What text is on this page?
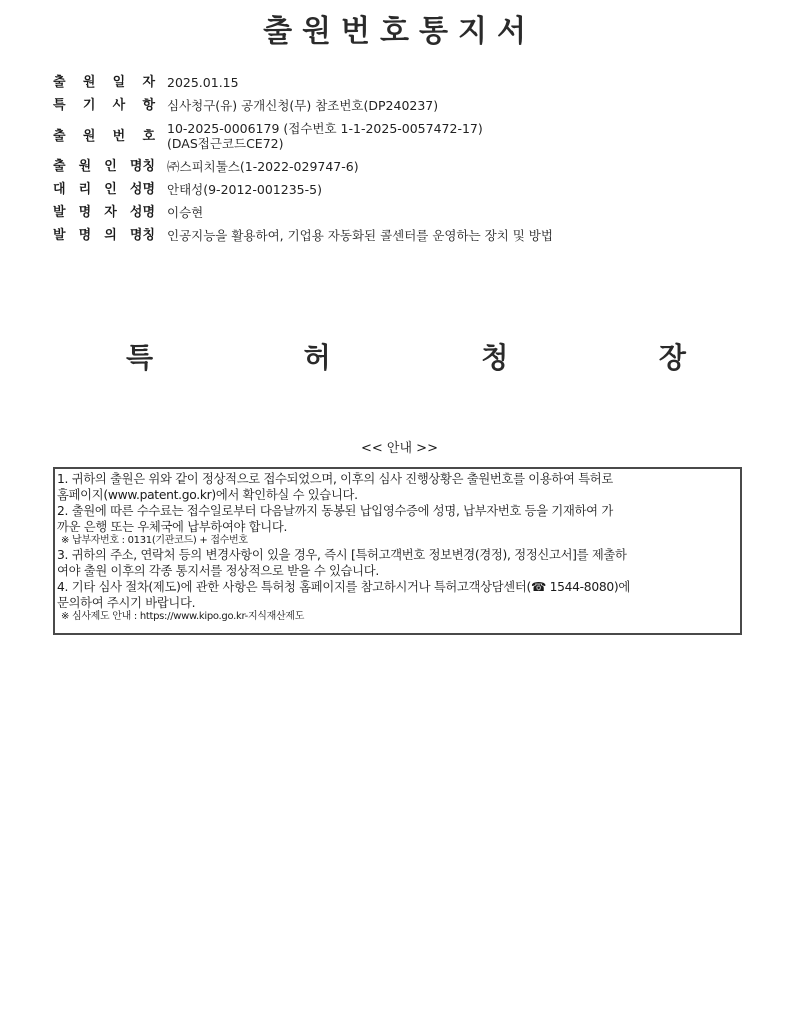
출원번호통지서
출 원 일 자 2025.01.15
특 기 사 항 심사청구(유) 공개신청(무) 참조번호(DP240237)
출 원 번 호
10-2025-0006179 (접수번호 1-1-2025-0057472-17)
(DAS접근코드CE72)
출 원 인 명칭 ㈜스피치툴스(1-2022-029747-6)
대 리 인 성명 안태성(9-2012-001235-5)
발 명 자 성명 이승현
발 명 의 명칭 인공지능을 활용하여, 기업용 자동화된 콜센터를 운영하는 장치 및 방법
특	허	청	장
<< 안내 >>
1. 귀하의 출원은 위와 같이 정상적으로 접수되었으며, 이후의 심사 진행상황은 출원번호를 이용하여 특허로
홈페이지(www.patent.go.kr)에서 확인하실 수 있습니다.
2. 출원에 따른 수수료는 접수일로부터 다음날까지 동봉된 납입영수증에 성명, 납부자번호 등을 기재하여 가
까운 은행 또는 우체국에 납부하여야 합니다.
※ 납부자번호 : 0131(기관코드) + 접수번호
3. 귀하의 주소, 연락처 등의 변경사항이 있을 경우, 즉시 [특허고객번호 정보변경(경정), 정정신고서]를 제출하
여야 출원 이후의 각종 통지서를 정상적으로 받을 수 있습니다.
4. 기타 심사 절차(제도)에 관한 사항은 특허청 홈페이지를 참고하시거나 특허고객상담센터(☎ 1544-8080)에
문의하여 주시기 바랍니다.
※ 심사제도 안내 : https://www.kipo.go.kr-지식재산제도
